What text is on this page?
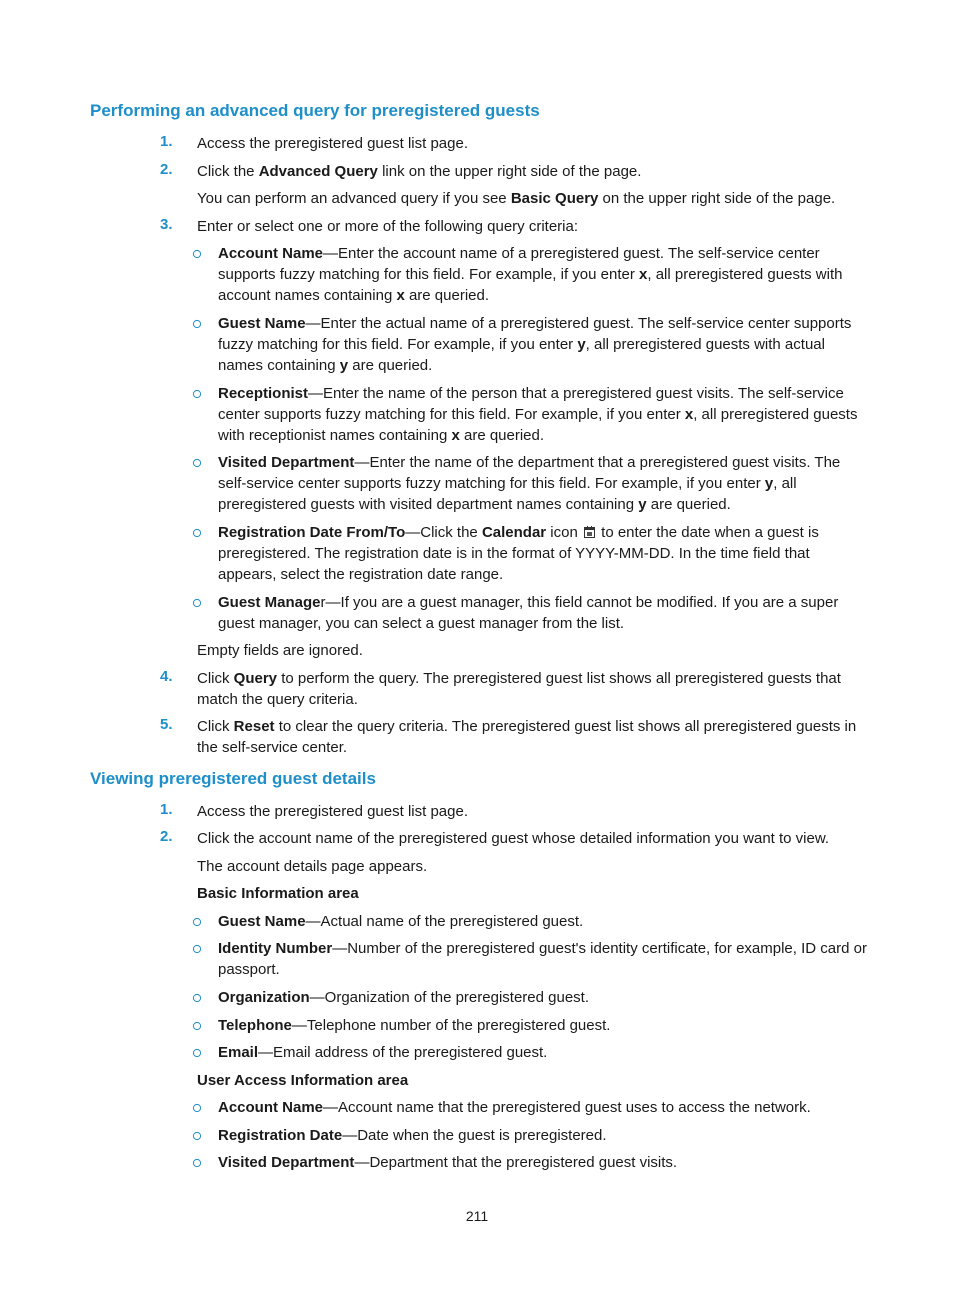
Performing an advanced query for preregistered guests
1. Access the preregistered guest list page.
2. Click the Advanced Query link on the upper right side of the page.
You can perform an advanced query if you see Basic Query on the upper right side of the page.
3. Enter or select one or more of the following query criteria:
Account Name—Enter the account name of a preregistered guest. The self-service center supports fuzzy matching for this field. For example, if you enter x, all preregistered guests with account names containing x are queried.
Guest Name—Enter the actual name of a preregistered guest. The self-service center supports fuzzy matching for this field. For example, if you enter y, all preregistered guests with actual names containing y are queried.
Receptionist—Enter the name of the person that a preregistered guest visits. The self-service center supports fuzzy matching for this field. For example, if you enter x, all preregistered guests with receptionist names containing x are queried.
Visited Department—Enter the name of the department that a preregistered guest visits. The self-service center supports fuzzy matching for this field. For example, if you enter y, all preregistered guests with visited department names containing y are queried.
Registration Date From/To—Click the Calendar icon
to enter the date when a guest is preregistered. The registration date is in the format of YYYY-MM-DD. In the time field that appears, select the registration date range.
Guest Manager—If you are a guest manager, this field cannot be modified. If you are a super guest manager, you can select a guest manager from the list.
Empty fields are ignored.
4. Click Query to perform the query. The preregistered guest list shows all preregistered guests that match the query criteria.
5. Click Reset to clear the query criteria. The preregistered guest list shows all preregistered guests in the self-service center.
Viewing preregistered guest details
1. Access the preregistered guest list page.
2. Click the account name of the preregistered guest whose detailed information you want to view.
The account details page appears.
Basic Information area
Guest Name—Actual name of the preregistered guest.
Identity Number—Number of the preregistered guest's identity certificate, for example, ID card or passport.
Organization—Organization of the preregistered guest.
Telephone—Telephone number of the preregistered guest.
Email—Email address of the preregistered guest.
User Access Information area
Account Name—Account name that the preregistered guest uses to access the network.
Registration Date—Date when the guest is preregistered.
Visited Department—Department that the preregistered guest visits.
211
